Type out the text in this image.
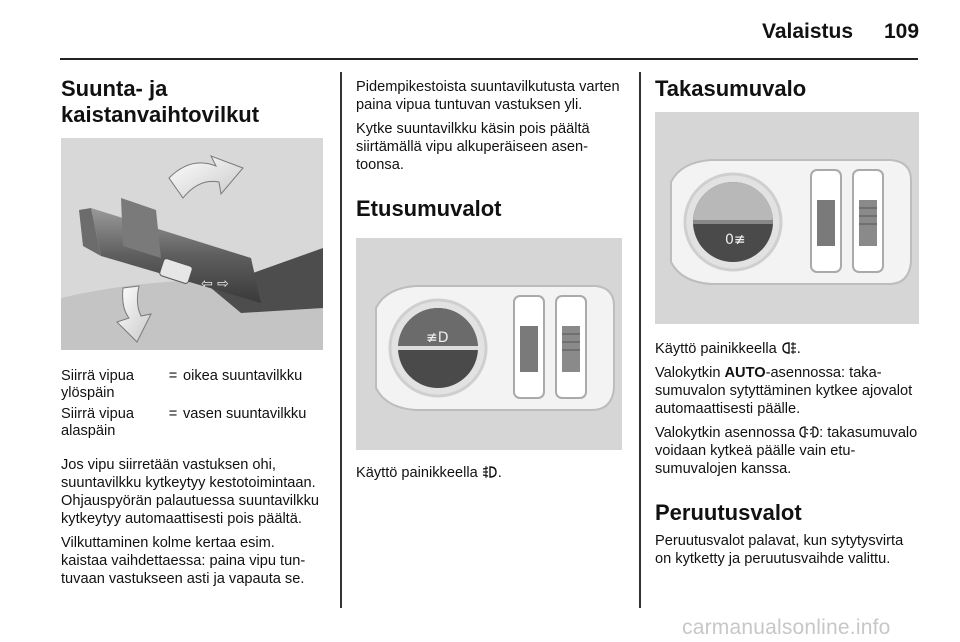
Valaistus 109
Suunta- ja
kaistanvaihtovilkut
⇦ ⇨
Siirrä vipua ylöspäin	=	oikea suuntavilkku
Siirrä vipua alaspäin	=	vasen suuntavilkku

Jos vipu siirretään vastuksen ohi, suuntavilkku kytkeytyy kestotoimintaan. Ohjauspyörän palautuessa suuntavilkku kytkeytyy automaattisesti pois päältä.

Vilkuttaminen kolme kertaa esim. kaistaa vaihdettaessa: paina vipu tuntuvaan vastukseen asti ja vapauta se.

Pidempikestoista suuntavilkutusta varten paina vipua tuntuvan vastuksen yli.

Kytke suuntavilkku käsin pois päältä siirtämällä vipu alkuperäiseen asentoonsa.

Etusumuvalot
≢D

Käyttö painikkeella .

Takasumuvalo
0≢

Käyttö painikkeella .

Valokytkin AUTO-asennossa: takasumuvalon sytyttäminen kytkee ajovalot automaattisesti päälle.

Valokytkin asennossa : takasumuvalo voidaan kytkeä päälle vain etusumuvalojen kanssa.

Peruutusvalot

Peruutusvalot palavat, kun sytytysvirta on kytketty ja peruutusvaihde valittu.

carmanualsonline.info
